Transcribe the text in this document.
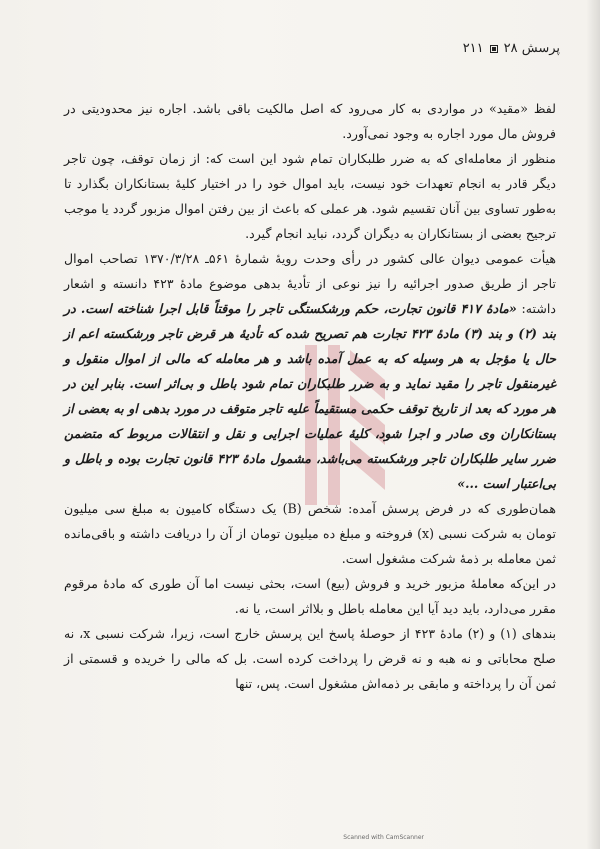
پرسش ۲۸
۲۱۱

لفظ «مقید» در مواردی به کار می‌رود که اصل مالکیت باقی باشد. اجاره نیز محدودیتی در فروش مال مورد اجاره به وجود نمی‌آورد.

منظور از معامله‌ای که به ضرر طلبکاران تمام شود این است که: از زمان توقف، چون تاجر دیگر قادر به انجام تعهدات خود نیست، باید اموال خود را در اختیار کلیهٔ بستانکاران بگذارد تا به‌طور تساوی بین آنان تقسیم شود. هر عملی که باعث از بین رفتن اموال مزبور گردد یا موجب ترجیح بعضی از بستانکاران به دیگران گردد، نباید انجام گیرد.

هیأت عمومی دیوان عالی کشور در رأی وحدت رویهٔ شمارهٔ ۵۶۱ـ ۱۳۷۰/۳/۲۸ تصاحب اموال تاجر از طریق صدور اجرائیه را نیز نوعی از تأدیهٔ بدهی موضوع مادهٔ ۴۲۳ دانسته و اشعار داشته: «مادهٔ ۴۱۷ قانون تجارت، حکم ورشکستگی تاجر را موقتاً قابل اجرا شناخته است. در بند (۲) و بند (۳) مادهٔ ۴۲۳ تجارت هم تصریح شده که تأدیهٔ هر قرض تاجر ورشکسته اعم از حال یا مؤجل به هر وسیله که به عمل آمده باشد و هر معامله که مالی از اموال منقول و غیرمنقول تاجر را مقید نماید و به ضرر طلبکاران تمام شود باطل و بی‌اثر است. بنابر این در هر مورد که بعد از تاریخ توقف حکمی مستقیماً علیه تاجر متوقف در مورد بدهی او به بعضی از بستانکاران وی صادر و اجرا شود، کلیهٔ عملیات اجرایی و نقل و انتقالات مربوط که متضمن ضرر سایر طلبکاران تاجر ورشکسته می‌باشد، مشمول مادهٔ ۴۲۳ قانون تجارت بوده و باطل و بی‌اعتبار است ...»

همان‌طوری که در فرض پرسش آمده: شخص (B) یک دستگاه کامیون به مبلغ سی میلیون تومان به شرکت نسبی (x) فروخته و مبلغ ده میلیون تومان از آن را دریافت داشته و باقی‌مانده ثمن معامله بر ذمهٔ شرکت مشغول است.

در این‌که معاملهٔ مزبور خرید و فروش (بیع) است، بحثی نیست اما آن طوری که مادهٔ مرقوم مقرر می‌دارد، باید دید آیا این معامله باطل و بلااثر است، یا نه.

بندهای (۱) و (۲) مادهٔ ۴۲۳ از حوصلهٔ پاسخ این پرسش خارج است، زیرا، شرکت نسبی x، نه صلح محاباتی و نه هبه و نه قرض را پرداخت کرده است. بل که مالی را خریده و قسمتی از ثمن آن را پرداخته و مابقی بر ذمه‌اش مشغول است. پس، تنها

Scanned with CamScanner
